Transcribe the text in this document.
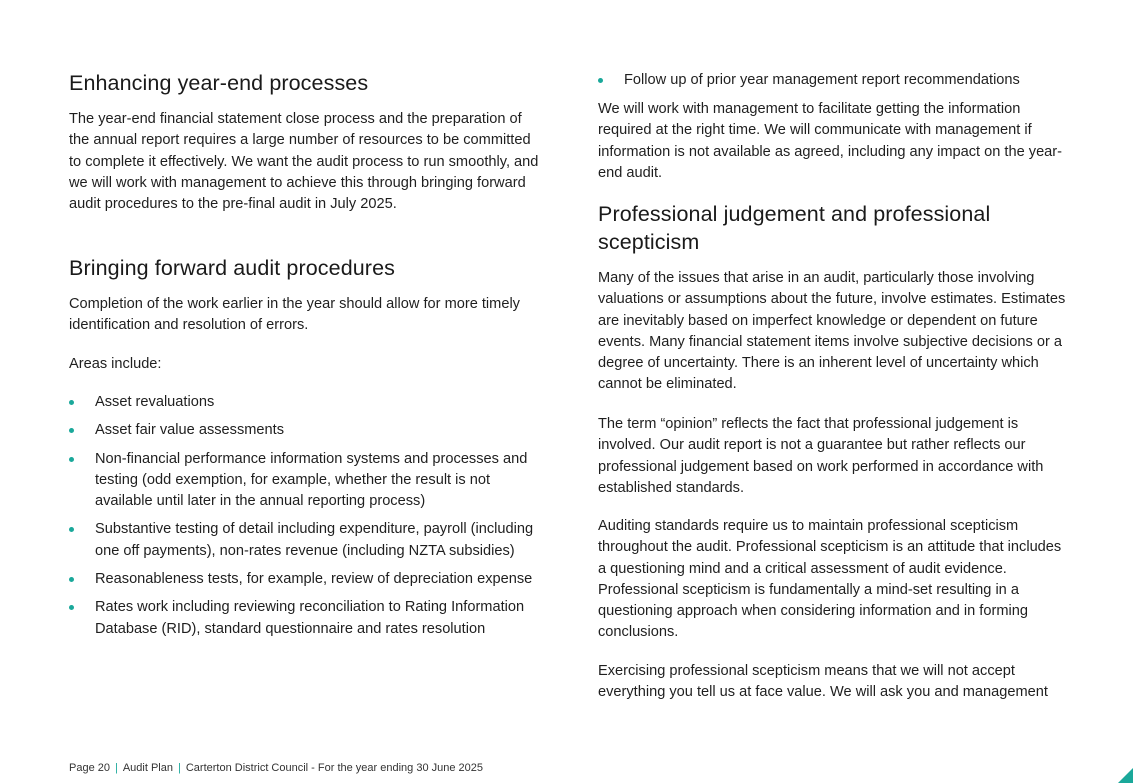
Enhancing year-end processes

The year-end financial statement close process and the preparation of the annual report requires a large number of resources to be committed to complete it effectively. We want the audit process to run smoothly, and we will work with management to achieve this through bringing forward audit procedures to the pre-final audit in July 2025.

Bringing forward audit procedures

Completion of the work earlier in the year should allow for more timely identification and resolution of errors.

Areas include:

Asset revaluations
Asset fair value assessments
Non-financial performance information systems and processes and testing (odd exemption, for example, whether the result is not available until later in the annual reporting process)
Substantive testing of detail including expenditure, payroll (including one off payments), non-rates revenue (including NZTA subsidies)
Reasonableness tests, for example, review of depreciation expense
Rates work including reviewing reconciliation to Rating Information Database (RID), standard questionnaire and rates resolution
Follow up of prior year management report recommendations

We will work with management to facilitate getting the information required at the right time. We will communicate with management if information is not available as agreed, including any impact on the year-end audit.

Professional judgement and professional scepticism

Many of the issues that arise in an audit, particularly those involving valuations or assumptions about the future, involve estimates. Estimates are inevitably based on imperfect knowledge or dependent on future events. Many financial statement items involve subjective decisions or a degree of uncertainty. There is an inherent level of uncertainty which cannot be eliminated.

The term “opinion” reflects the fact that professional judgement is involved. Our audit report is not a guarantee but rather reflects our professional judgement based on work performed in accordance with established standards.

Auditing standards require us to maintain professional scepticism throughout the audit. Professional scepticism is an attitude that includes a questioning mind and a critical assessment of audit evidence. Professional scepticism is fundamentally a mind-set resulting in a questioning approach when considering information and in forming conclusions.

Exercising professional scepticism means that we will not accept everything you tell us at face value. We will ask you and management

Page 20 | Audit Plan | Carterton District Council - For the year ending 30 June 2025
